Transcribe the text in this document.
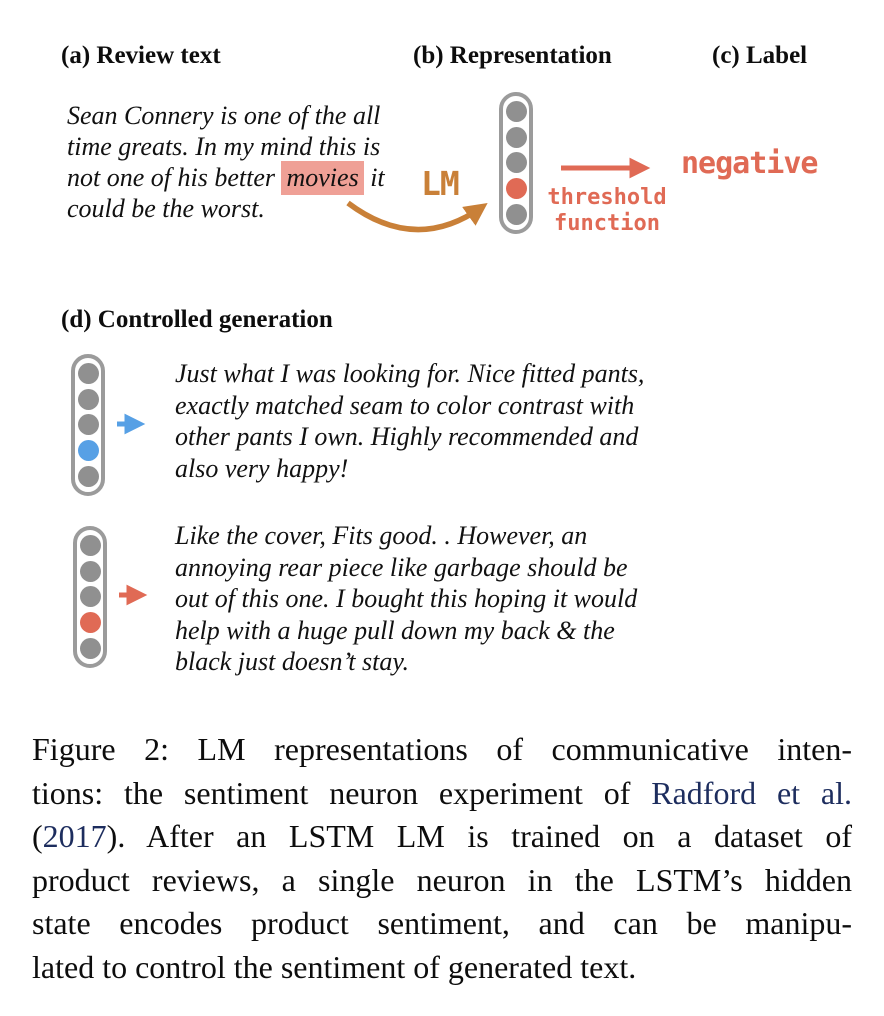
(a) Review text	(b) Representation	(c) Label
Sean Connery is one of the all
time greats. In my mind this is
not one of his better movies it
could be the worst.
LM	threshold
function
negative
(d) Controlled generation
Just what I was looking for. Nice fitted pants,
exactly matched seam to color contrast with
other pants I own. Highly recommended and
also very happy!
Like the cover, Fits good. . However, an
annoying rear piece like garbage should be
out of this one. I bought this hoping it would
help with a huge pull down my back & the
black just doesn’t stay.
Figure 2: LM representations of communicative inten-
tions: the sentiment neuron experiment of Radford et al.
(2017). After an LSTM LM is trained on a dataset of
product reviews, a single neuron in the LSTM’s hidden
state encodes product sentiment, and can be manipu-
lated to control the sentiment of generated text.
